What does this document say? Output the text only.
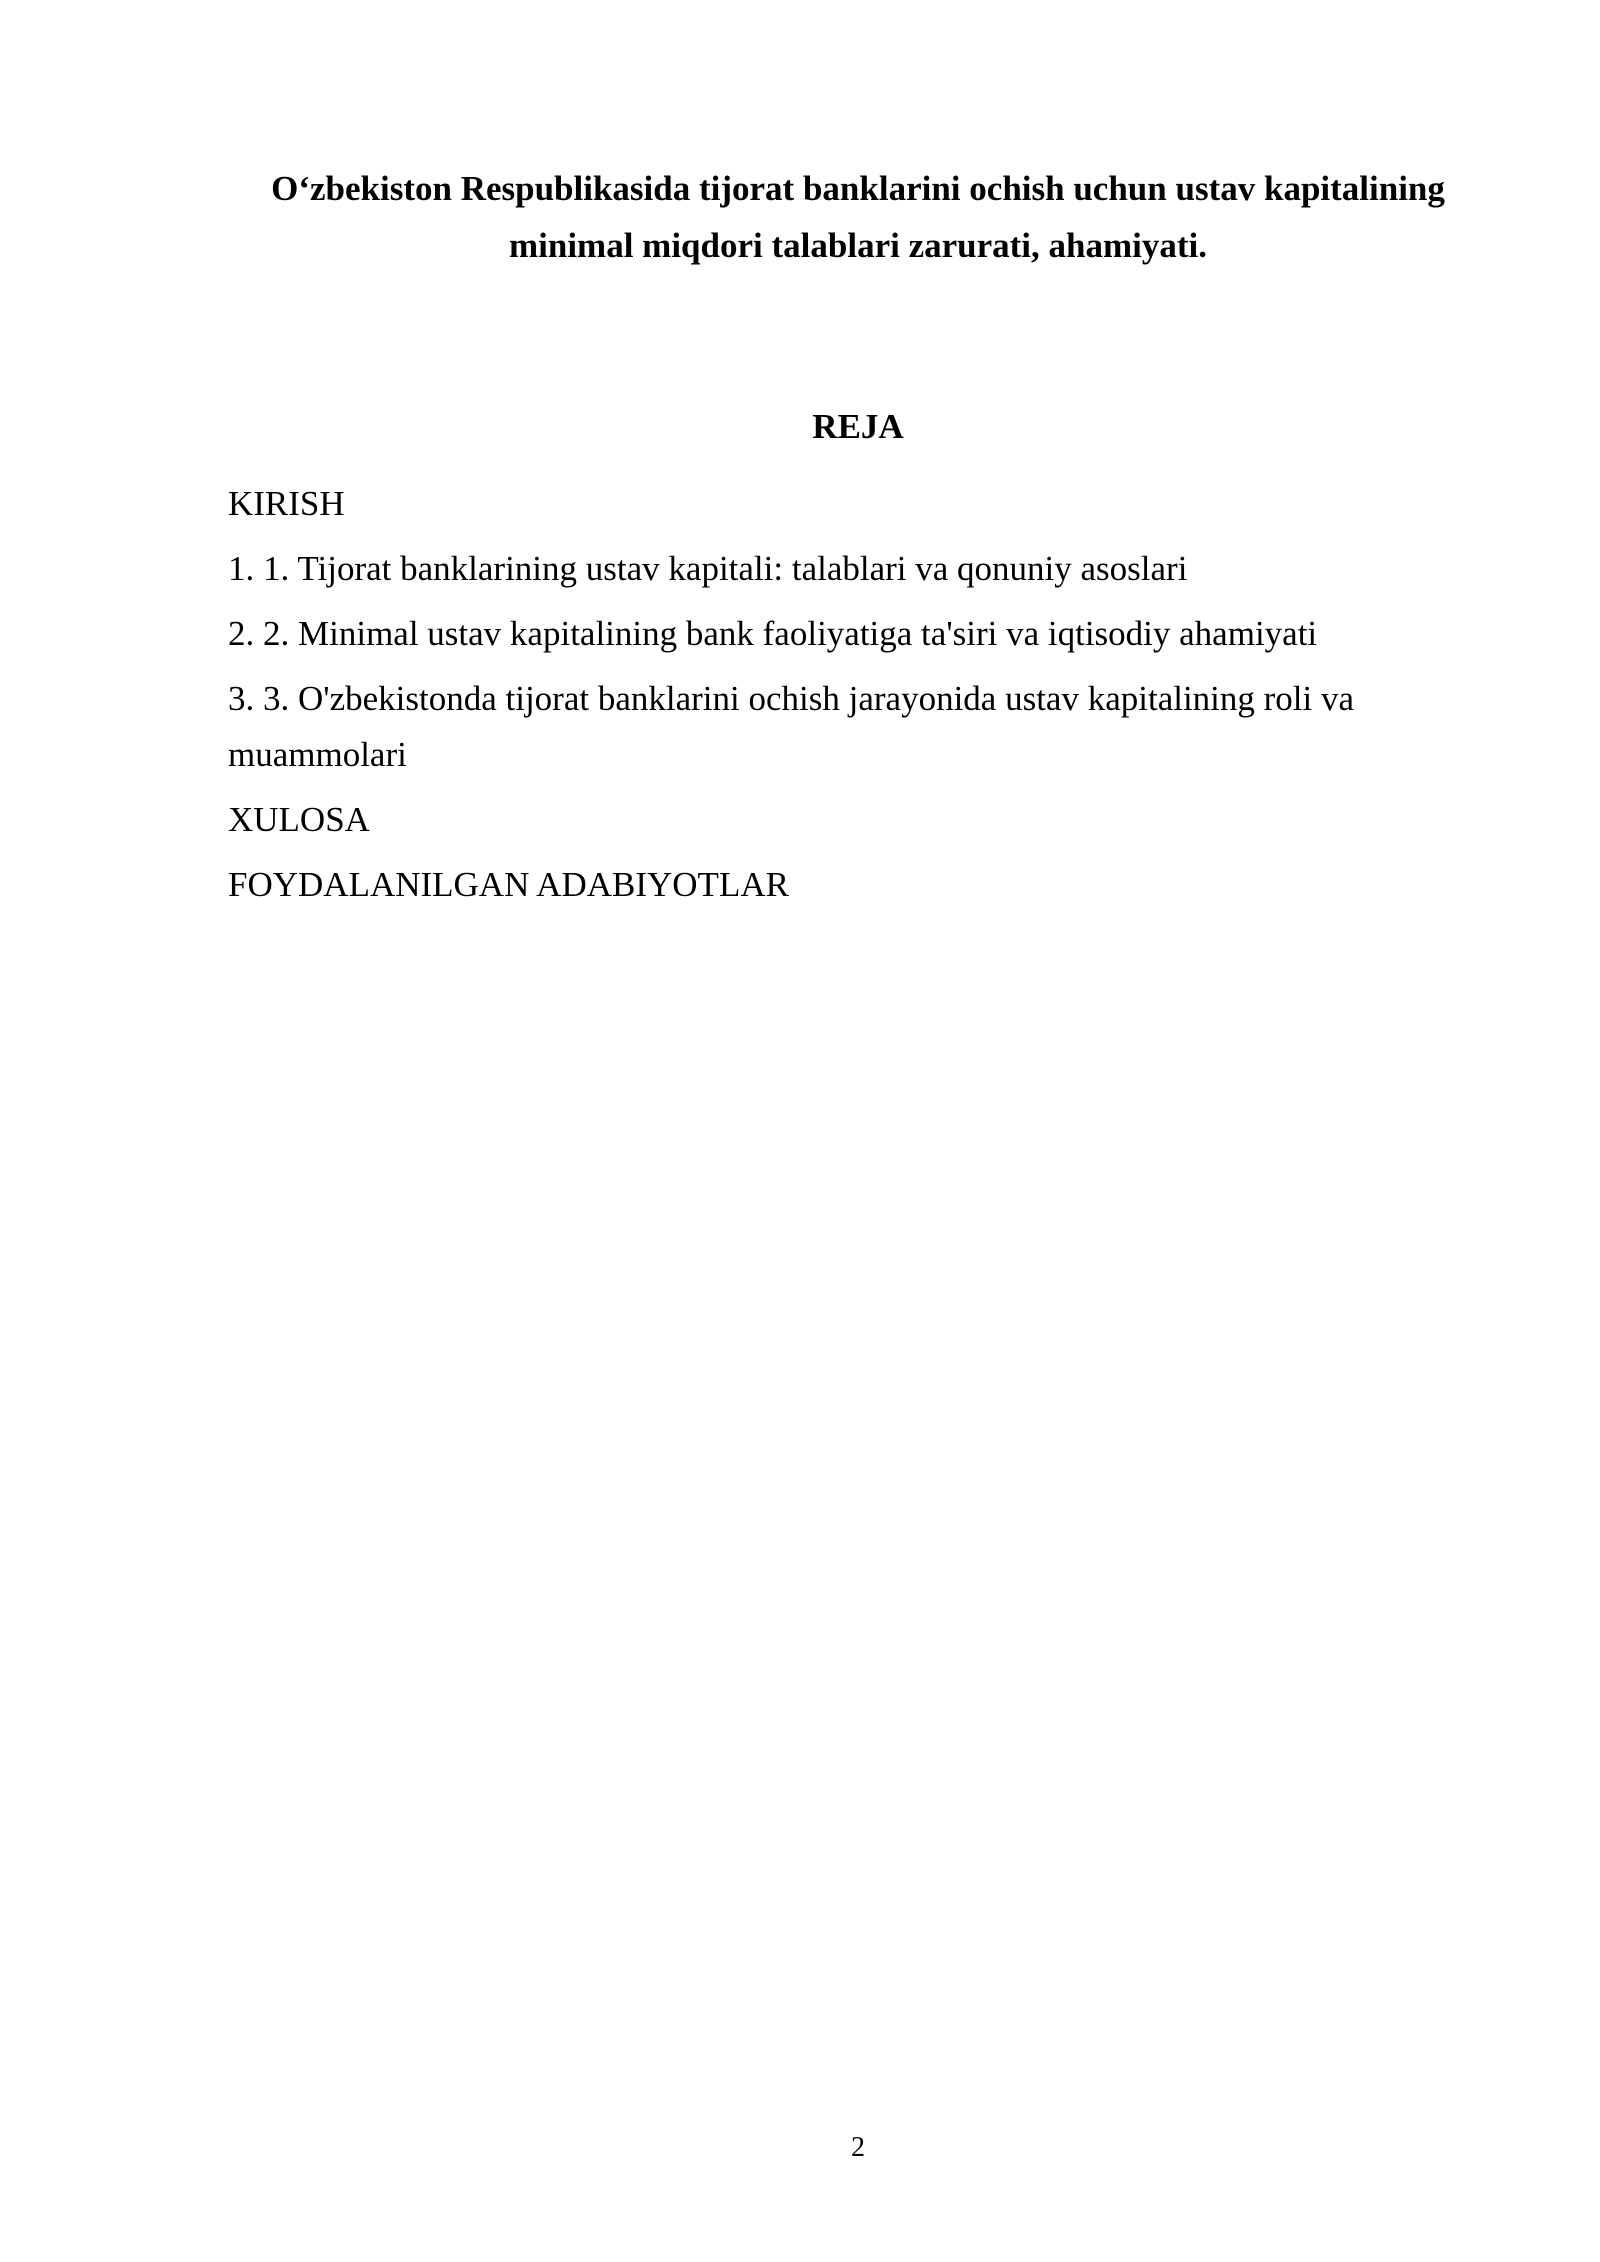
O‘zbekiston Respublikasida tijorat banklarini ochish uchun ustav kapitalining minimal miqdori talablari zarurati, ahamiyati.
REJA
KIRISH
1. 1. Tijorat banklarining ustav kapitali: talablari va qonuniy asoslari
2. 2. Minimal ustav kapitalining bank faoliyatiga ta'siri va iqtisodiy ahamiyati
3. 3. O'zbekistonda tijorat banklarini ochish jarayonida ustav kapitalining roli va muammolari
XULOSA
FOYDALANILGAN ADABIYOTLAR
2
